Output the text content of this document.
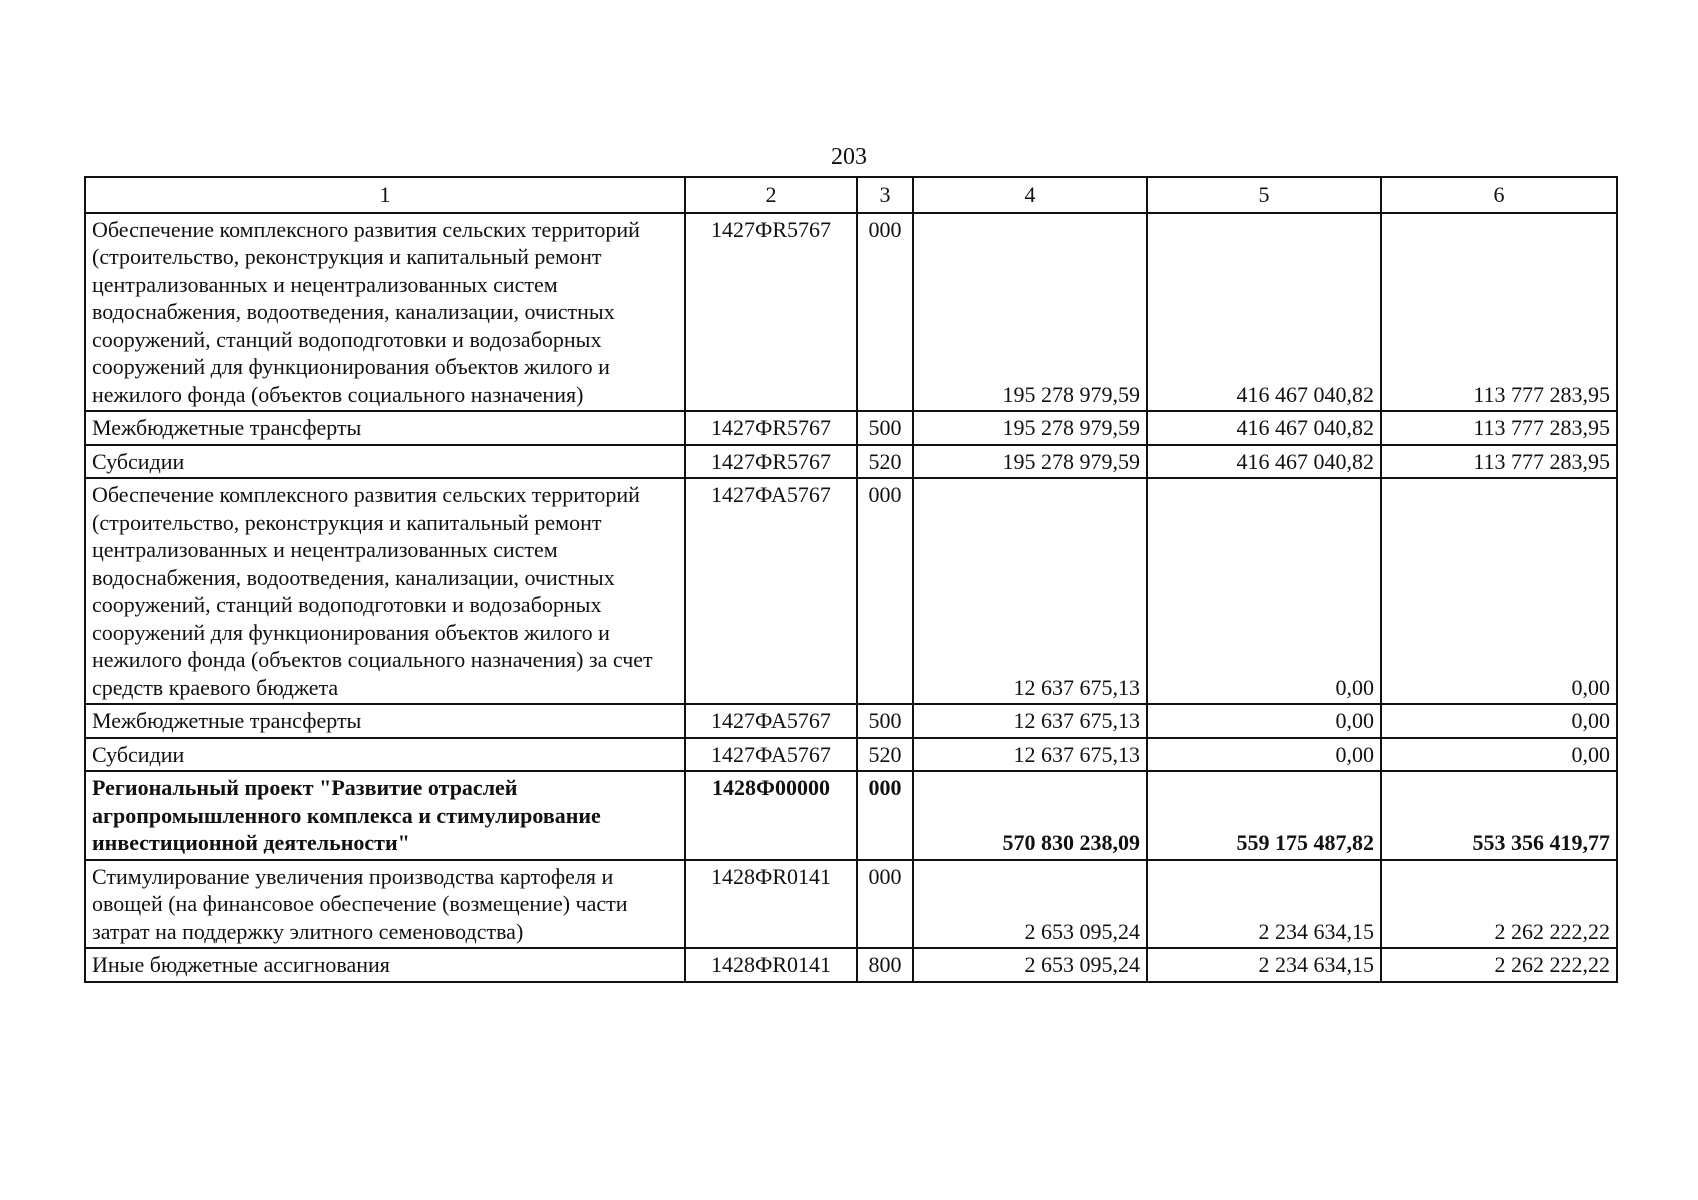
203
1	2	3	4	5	6
Обеспечение комплексного развития сельских территорий (строительство, реконструкция и капитальный ремонт централизованных и нецентрализованных систем водоснабжения, водоотведения, канализации, очистных сооружений, станций водоподготовки и водозаборных сооружений для функционирования объектов жилого и нежилого фонда (объектов социального назначения)	1427ФR5767	000	195 278 979,59	416 467 040,82	113 777 283,95
Межбюджетные трансферты	1427ФR5767	500	195 278 979,59	416 467 040,82	113 777 283,95
Субсидии	1427ФR5767	520	195 278 979,59	416 467 040,82	113 777 283,95
Обеспечение комплексного развития сельских территорий (строительство, реконструкция и капитальный ремонт централизованных и нецентрализованных систем водоснабжения, водоотведения, канализации, очистных сооружений, станций водоподготовки и водозаборных сооружений для функционирования объектов жилого и нежилого фонда (объектов социального назначения) за счет средств краевого бюджета	1427ФА5767	000	12 637 675,13	0,00	0,00
Межбюджетные трансферты	1427ФА5767	500	12 637 675,13	0,00	0,00
Субсидии	1427ФА5767	520	12 637 675,13	0,00	0,00
Региональный проект "Развитие отраслей агропромышленного комплекса и стимулирование инвестиционной деятельности"	1428Ф00000	000	570 830 238,09	559 175 487,82	553 356 419,77
Стимулирование увеличения производства картофеля и овощей (на финансовое обеспечение (возмещение) части затрат на поддержку элитного семеноводства)	1428ФR0141	000	2 653 095,24	2 234 634,15	2 262 222,22
Иные бюджетные ассигнования	1428ФR0141	800	2 653 095,24	2 234 634,15	2 262 222,22
